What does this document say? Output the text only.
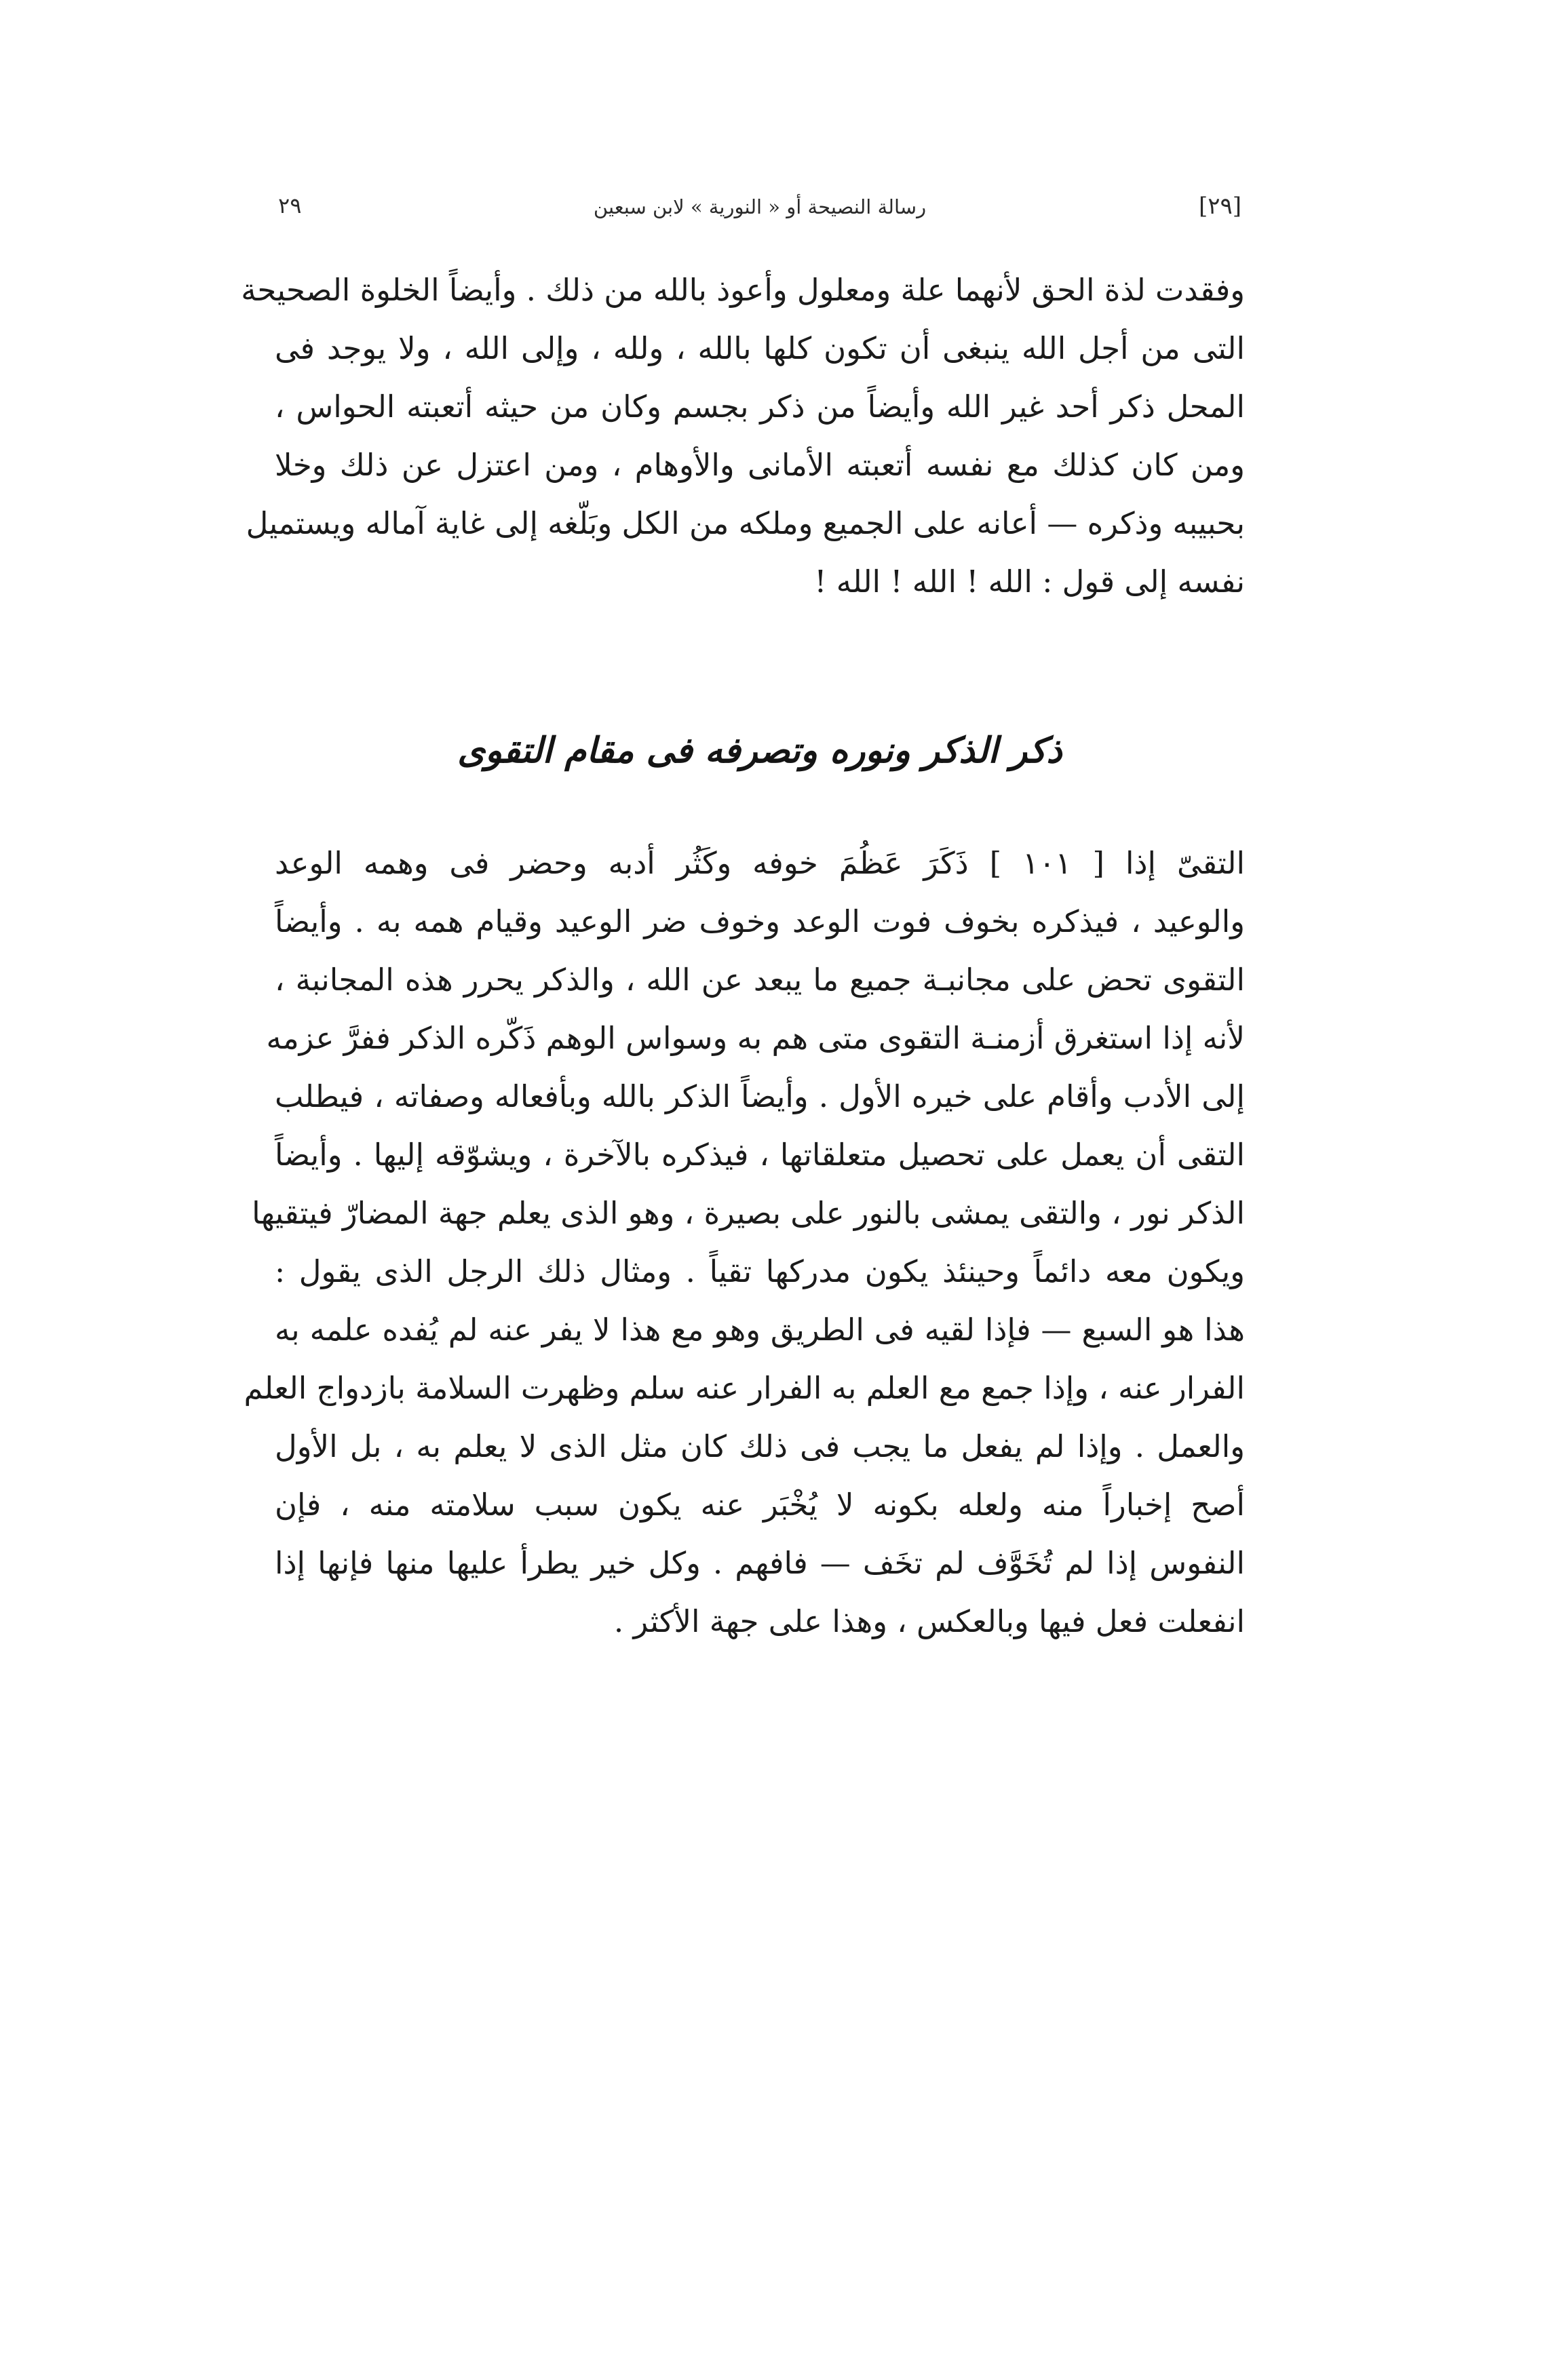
[٢٩]
رسالة النصيحة أو « النورية » لابن سبعين
٢٩
وفقدت لذة الحق لأنهما علة ومعلول وأعوذ بالله من ذلك . وأيضاً الخلوة الصحيحة
التى من أجل الله ينبغى أن تكون كلها بالله ، ولله ، وإلى الله ، ولا يوجد فى
المحل ذكر أحد غير الله وأيضاً من ذكر بجسم وكان من حيثه أتعبته الحواس ،
ومن كان كذلك مع نفسه أتعبته الأمانى والأوهام ، ومن اعتزل عن ذلك وخلا
بحبيبه وذكره — أعانه على الجميع وملكه من الكل وبَلّغه إلى غاية آماله ويستميل
نفسه إلى قول : الله ! الله ! الله !
ذكر الذكر ونوره وتصرفه فى مقام التقوى
التقىّ إذا [ ١٠١ ] ذَكَرَ عَظُمَ خوفه وكَثُر أدبه وحضر فى وهمه الوعد
والوعيد ، فيذكره بخوف فوت الوعد وخوف ضر الوعيد وقيام همه به . وأيضاً
التقوى تحض على مجانبـة جميع ما يبعد عن الله ، والذكر يحرر هذه المجانبة ،
لأنه إذا استغرق أزمنـة التقوى متى هم به وسواس الوهم ذَكّره الذكر ففرَّ عزمه
إلى الأدب وأقام على خيره الأول . وأيضاً الذكر بالله وبأفعاله وصفاته ، فيطلب
التقى أن يعمل على تحصيل متعلقاتها ، فيذكره بالآخرة ، ويشوّقه إليها . وأيضاً
الذكر نور ، والتقى يمشى بالنور على بصيرة ، وهو الذى يعلم جهة المضارّ فيتقيها
ويكون معه دائماً وحينئذ يكون مدركها تقياً . ومثال ذلك الرجل الذى يقول :
هذا هو السبع — فإذا لقيه فى الطريق وهو مع هذا لا يفر عنه لم يُفده علمه به
الفرار عنه ، وإذا جمع مع العلم به الفرار عنه سلم وظهرت السلامة بازدواج العلم
والعمل . وإذا لم يفعل ما يجب فى ذلك كان مثل الذى لا يعلم به ، بل الأول
أصح إخباراً منه ولعله بكونه لا يُخْبَر عنه يكون سبب سلامته منه ، فإن
النفوس إذا لم تُخَوَّف لم تخَف — فافهم . وكل خير يطرأ عليها منها فإنها إذا
انفعلت فعل فيها وبالعكس ، وهذا على جهة الأكثر .
